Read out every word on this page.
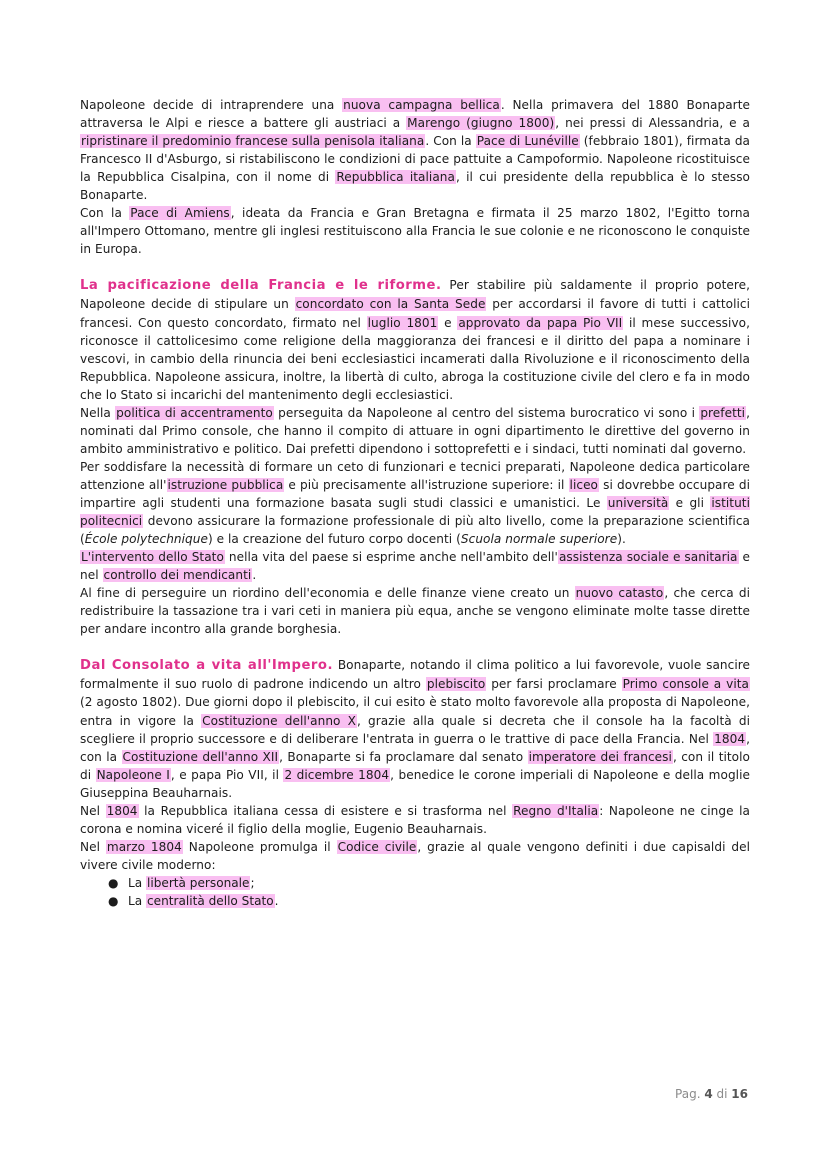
Napoleone decide di intraprendere una nuova campagna bellica. Nella primavera del 1880 Bonaparte attraversa le Alpi e riesce a battere gli austriaci a Marengo (giugno 1800), nei pressi di Alessandria, e a ripristinare il predominio francese sulla penisola italiana. Con la Pace di Lunéville (febbraio 1801), firmata da Francesco II d'Asburgo, si ristabiliscono le condizioni di pace pattuite a Campoformio. Napoleone ricostituisce la Repubblica Cisalpina, con il nome di Repubblica italiana, il cui presidente della repubblica è lo stesso Bonaparte.

Con la Pace di Amiens, ideata da Francia e Gran Bretagna e firmata il 25 marzo 1802, l'Egitto torna all'Impero Ottomano, mentre gli inglesi restituiscono alla Francia le sue colonie e ne riconoscono le conquiste in Europa.

La pacificazione della Francia e le riforme. Per stabilire più saldamente il proprio potere, Napoleone decide di stipulare un concordato con la Santa Sede per accordarsi il favore di tutti i cattolici francesi. Con questo concordato, firmato nel luglio 1801 e approvato da papa Pio VII il mese successivo, riconosce il cattolicesimo come religione della maggioranza dei francesi e il diritto del papa a nominare i vescovi, in cambio della rinuncia dei beni ecclesiastici incamerati dalla Rivoluzione e il riconoscimento della Repubblica. Napoleone assicura, inoltre, la libertà di culto, abroga la costituzione civile del clero e fa in modo che lo Stato si incarichi del mantenimento degli ecclesiastici.

Nella politica di accentramento perseguita da Napoleone al centro del sistema burocratico vi sono i prefetti, nominati dal Primo console, che hanno il compito di attuare in ogni dipartimento le direttive del governo in ambito amministrativo e politico. Dai prefetti dipendono i sottoprefetti e i sindaci, tutti nominati dal governo.

Per soddisfare la necessità di formare un ceto di funzionari e tecnici preparati, Napoleone dedica particolare attenzione all'istruzione pubblica e più precisamente all'istruzione superiore: il liceo si dovrebbe occupare di impartire agli studenti una formazione basata sugli studi classici e umanistici. Le università e gli istituti politecnici devono assicurare la formazione professionale di più alto livello, come la preparazione scientifica (École polytechnique) e la creazione del futuro corpo docenti (Scuola normale superiore).

L'intervento dello Stato nella vita del paese si esprime anche nell'ambito dell'assistenza sociale e sanitaria e nel controllo dei mendicanti.

Al fine di perseguire un riordino dell'economia e delle finanze viene creato un nuovo catasto, che cerca di redistribuire la tassazione tra i vari ceti in maniera più equa, anche se vengono eliminate molte tasse dirette per andare incontro alla grande borghesia.

Dal Consolato a vita all'Impero. Bonaparte, notando il clima politico a lui favorevole, vuole sancire formalmente il suo ruolo di padrone indicendo un altro plebiscito per farsi proclamare Primo console a vita (2 agosto 1802). Due giorni dopo il plebiscito, il cui esito è stato molto favorevole alla proposta di Napoleone, entra in vigore la Costituzione dell'anno X, grazie alla quale si decreta che il console ha la facoltà di scegliere il proprio successore e di deliberare l'entrata in guerra o le trattive di pace della Francia. Nel 1804, con la Costituzione dell'anno XII, Bonaparte si fa proclamare dal senato imperatore dei francesi, con il titolo di Napoleone I, e papa Pio VII, il 2 dicembre 1804, benedice le corone imperiali di Napoleone e della moglie Giuseppina Beauharnais.

Nel 1804 la Repubblica italiana cessa di esistere e si trasforma nel Regno d'Italia: Napoleone ne cinge la corona e nomina viceré il figlio della moglie, Eugenio Beauharnais.

Nel marzo 1804 Napoleone promulga il Codice civile, grazie al quale vengono definiti i due capisaldi del vivere civile moderno:

● La libertà personale;
● La centralità dello Stato.
Pag. 4 di 16
